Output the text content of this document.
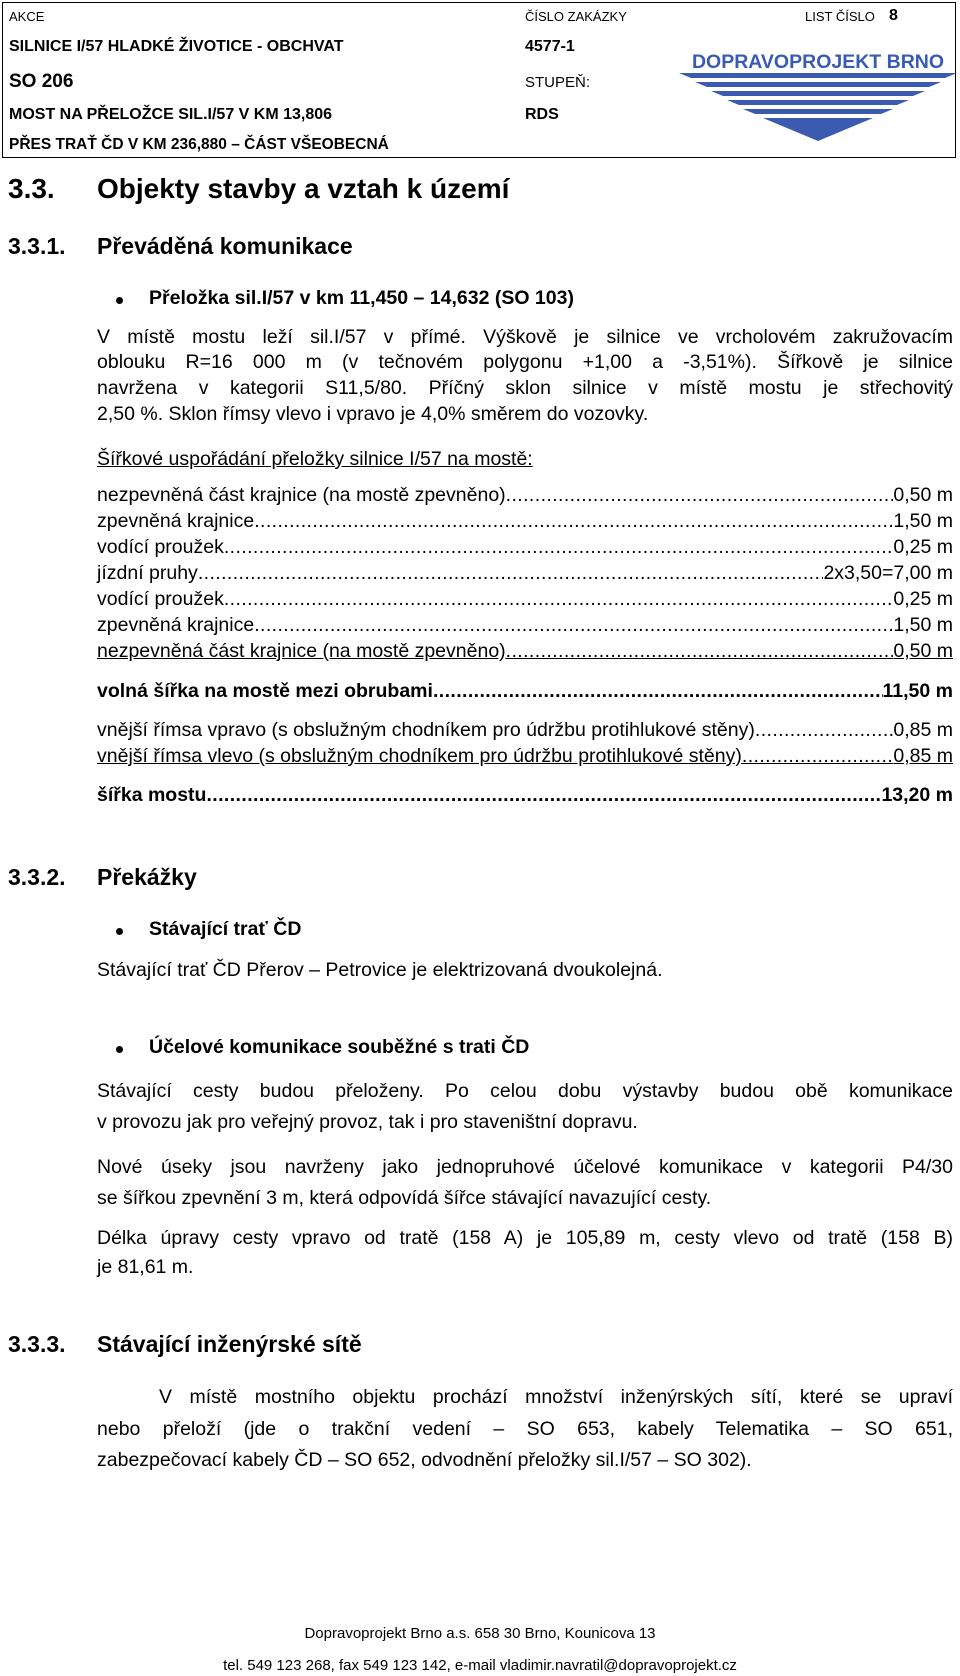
AKCE	ČÍSLO ZAKÁZKY	LIST ČÍSLO 8
SILNICE I/57 HLADKÉ ŽIVOTICE - OBCHVAT	4577-1
SO 206	STUPEŇ:
MOST NA PŘELOŽCE SIL.I/57 V KM 13,806	RDS
PŘES TRAŤ ČD V KM 236,880 – ČÁST VŠEOBECNÁ
DOPRAVOPROJEKT BRNO
3.3. Objekty stavby a vztah k území
3.3.1. Převáděná komunikace
Přeložka sil.I/57 v km 11,450 – 14,632 (SO 103)
V místě mostu leží sil.I/57 v přímé. Výškově je silnice ve vrcholovém zakružovacím
oblouku R=16 000 m (v tečnovém polygonu +1,00 a -3,51%). Šířkově je silnice
navržena v kategorii S11,5/80. Příčný sklon silnice v místě mostu je střechovitý
2,50 %. Sklon římsy vlevo i vpravo je 4,0% směrem do vozovky.
Šířkové uspořádání přeložky silnice I/57 na mostě:
nezpevněná část krajnice (na mostě zpevněno) .....	0,50 m
zpevněná krajnice .....	1,50 m
vodící proužek .....	0,25 m
jízdní pruhy .....	2x3,50=7,00 m
vodící proužek .....	0,25 m
zpevněná krajnice .....	1,50 m
nezpevněná část krajnice (na mostě zpevněno) .....	0,50 m
volná šířka na mostě mezi obrubami .....	11,50 m
vnější římsa vpravo (s obslužným chodníkem pro údržbu protihlukové stěny) .....	0,85 m
vnější římsa vlevo (s obslužným chodníkem pro údržbu protihlukové stěny) .....	0,85 m
šířka mostu .....	13,20 m
3.3.2. Překážky
Stávající trať ČD
Stávající trať ČD Přerov – Petrovice je elektrizovaná dvoukolejná.
Účelové komunikace souběžné s trati ČD
Stávající cesty budou přeloženy. Po celou dobu výstavby budou obě komunikace
v provozu jak pro veřejný provoz, tak i pro staveništní dopravu.
Nové úseky jsou navrženy jako jednopruhové účelové komunikace v kategorii P4/30
se šířkou zpevnění 3 m, která odpovídá šířce stávající navazující cesty.
Délka úpravy cesty vpravo od tratě (158 A) je 105,89 m, cesty vlevo od tratě (158 B)
je 81,61 m.
3.3.3. Stávající inženýrské sítě
V místě mostního objektu prochází množství inženýrských sítí, které se upraví
nebo přeloží (jde o trakční vedení – SO 653, kabely Telematika – SO 651,
zabezpečovací kabely ČD – SO 652, odvodnění přeložky sil.I/57 – SO 302).
Dopravoprojekt Brno a.s. 658 30 Brno, Kounicova 13
tel. 549 123 268, fax 549 123 142, e-mail vladimir.navratil@dopravoprojekt.cz
